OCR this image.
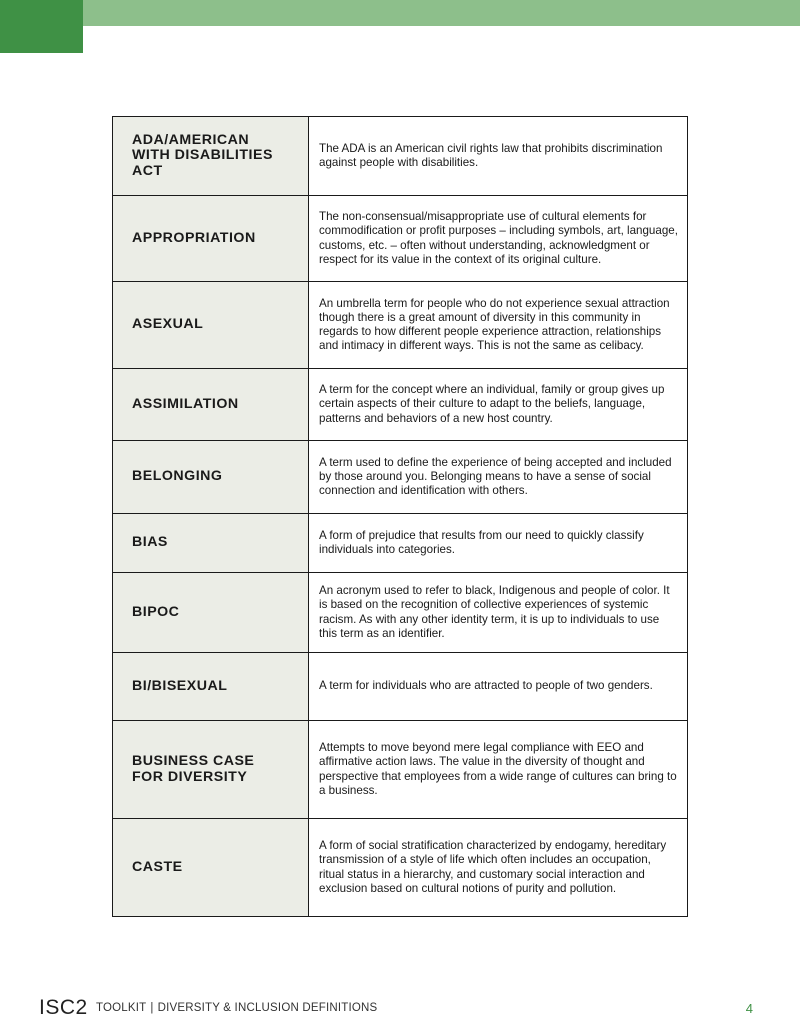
ADA/AMERICAN WITH DISABILITIES ACT	The ADA is an American civil rights law that prohibits discrimination against people with disabilities.
APPROPRIATION	The non-consensual/misappropriate use of cultural elements for commodification or profit purposes – including symbols, art, language, customs, etc. – often without understanding, acknowledgment or respect for its value in the context of its original culture.
ASEXUAL	An umbrella term for people who do not experience sexual attraction though there is a great amount of diversity in this community in regards to how different people experience attraction, relationships and intimacy in different ways. This is not the same as celibacy.
ASSIMILATION	A term for the concept where an individual, family or group gives up certain aspects of their culture to adapt to the beliefs, language, patterns and behaviors of a new host country.
BELONGING	A term used to define the experience of being accepted and included by those around you. Belonging means to have a sense of social connection and identification with others.
BIAS	A form of prejudice that results from our need to quickly classify individuals into categories.
BIPOC	An acronym used to refer to black, Indigenous and people of color. It is based on the recognition of collective experiences of systemic racism. As with any other identity term, it is up to individuals to use this term as an identifier.
BI/BISEXUAL	A term for individuals who are attracted to people of two genders.
BUSINESS CASE FOR DIVERSITY	Attempts to move beyond mere legal compliance with EEO and affirmative action laws. The value in the diversity of thought and perspective that employees from a wide range of cultures can bring to a business.
CASTE	A form of social stratification characterized by endogamy, hereditary transmission of a style of life which often includes an occupation, ritual status in a hierarchy, and customary social interaction and exclusion based on cultural notions of purity and pollution.
ISC2 TOOLKIT | DIVERSITY & INCLUSION DEFINITIONS	4
